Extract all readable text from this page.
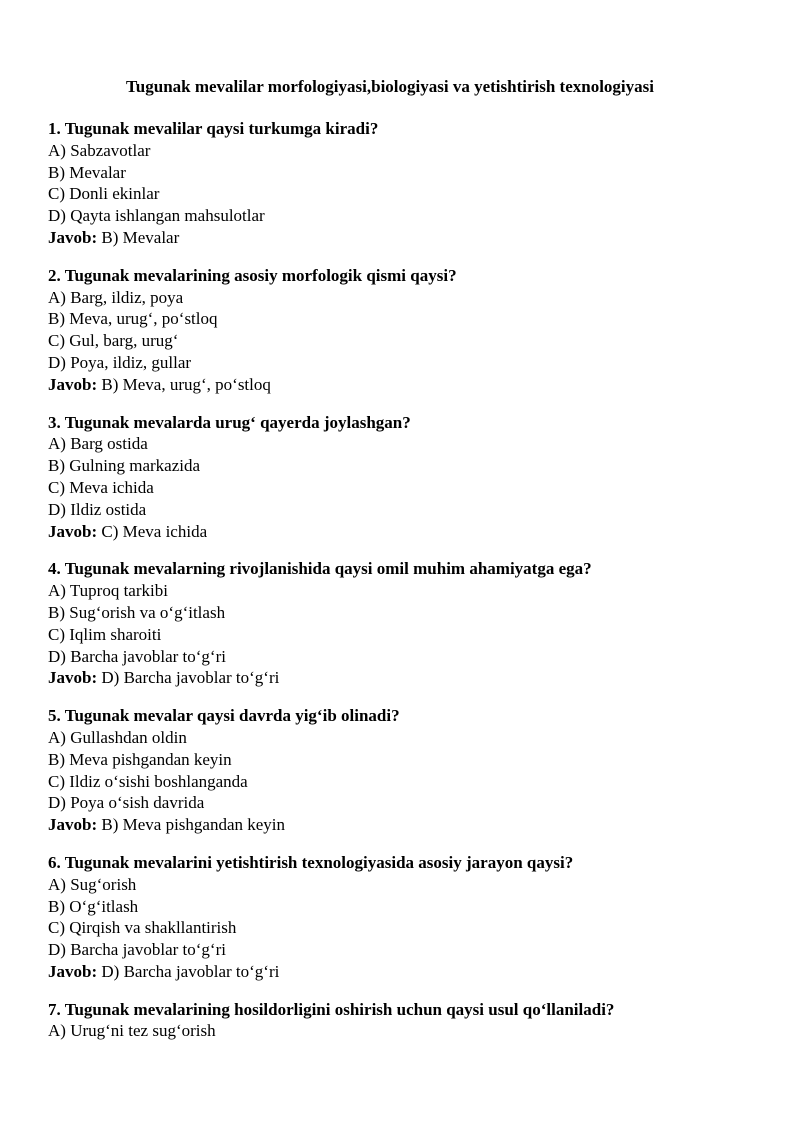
Tugunak mevalilar morfologiyasi,biologiyasi va yetishtirish texnologiyasi
1. Tugunak mevalilar qaysi turkumga kiradi?
A) Sabzavotlar
B) Mevalar
C) Donli ekinlar
D) Qayta ishlangan mahsulotlar
Javob: B) Mevalar
2. Tugunak mevalarining asosiy morfologik qismi qaysi?
A) Barg, ildiz, poya
B) Meva, urug‘, po‘stloq
C) Gul, barg, urug‘
D) Poya, ildiz, gullar
Javob: B) Meva, urug‘, po‘stloq
3. Tugunak mevalarda urug‘ qayerda joylashgan?
A) Barg ostida
B) Gulning markazida
C) Meva ichida
D) Ildiz ostida
Javob: C) Meva ichida
4. Tugunak mevalarning rivojlanishida qaysi omil muhim ahamiyatga ega?
A) Tuproq tarkibi
B) Sug‘orish va o‘g‘itlash
C) Iqlim sharoiti
D) Barcha javoblar to‘g‘ri
Javob: D) Barcha javoblar to‘g‘ri
5. Tugunak mevalar qaysi davrda yig‘ib olinadi?
A) Gullashdan oldin
B) Meva pishgandan keyin
C) Ildiz o‘sishi boshlanganda
D) Poya o‘sish davrida
Javob: B) Meva pishgandan keyin
6. Tugunak mevalarini yetishtirish texnologiyasida asosiy jarayon qaysi?
A) Sug‘orish
B) O‘g‘itlash
C) Qirqish va shakllantirish
D) Barcha javoblar to‘g‘ri
Javob: D) Barcha javoblar to‘g‘ri
7. Tugunak mevalarining hosildorligini oshirish uchun qaysi usul qo‘llaniladi?
A) Urug‘ni tez sug‘orish
